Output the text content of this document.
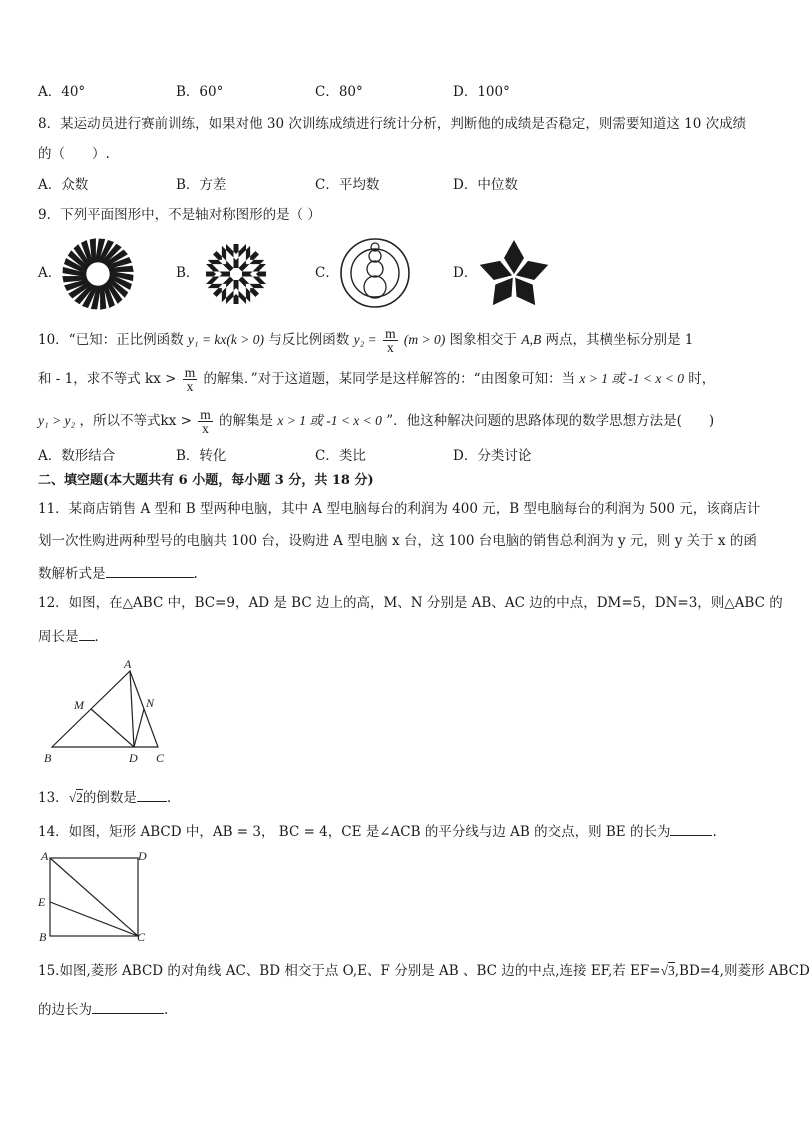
A．40°	B．60°	C．80°	D．100°
8．某运动员进行赛前训练，如果对他 30 次训练成绩进行统计分析，判断他的成绩是否稳定，则需要知道这 10 次成绩
的（　　）.
A．众数	B．方差	C．平均数	D．中位数
9．下列平面图形中，不是轴对称图形的是（ ）
A．	B．	C．	D．
10．“已知：正比例函数 y₁ = kx(k > 0) 与反比例函数 $y_2 = \frac{m}{x} (m > 0)$ 图象相交于 A,B 两点，其横坐标分别是 1
和 - 1，求不等式 kx > $\frac{m}{x}$ 的解集．”对于这道题，某同学是这样解答的：“由图象可知：当 x > 1 或 -1 < x < 0 时，
y₁ > y₂ ，所以不等式kx > $\frac{m}{x}$ 的解集是 x > 1 或 -1 < x < 0 ”．他这种解决问题的思路体现的数学思想方法是(　　)
A．数形结合	B．转化	C．类比	D．分类讨论
二、填空题(本大题共有 6 小题，每小题 3 分，共 18 分)
11．某商店销售 A 型和 B 型两种电脑，其中 A 型电脑每台的利润为 400 元，B 型电脑每台的利润为 500 元，该商店计
划一次性购进两种型号的电脑共 100 台，设购进 A 型电脑 x 台，这 100 台电脑的销售总利润为 y 元，则 y 关于 x 的函
数解析式是	.
12．如图，在△ABC 中，BC=9，AD 是 BC 边上的高，M、N 分别是 AB、AC 边的中点，DM=5，DN=3，则△ABC 的
周长是 ．
A
M	N
B	D C
13．√2的倒数是 .
14．如图，矩形 ABCD 中，AB = 3， BC = 4，CE 是∠ACB 的平分线与边 AB 的交点，则 BE 的长为	.
A	D
E
B	C
15.如图,菱形 ABCD 的对角线 AC、BD 相交于点 O,E、F 分别是 AB 、BC 边的中点,连接 EF,若 EF=√3,BD=4,则菱形 ABCD
的边长为	.
